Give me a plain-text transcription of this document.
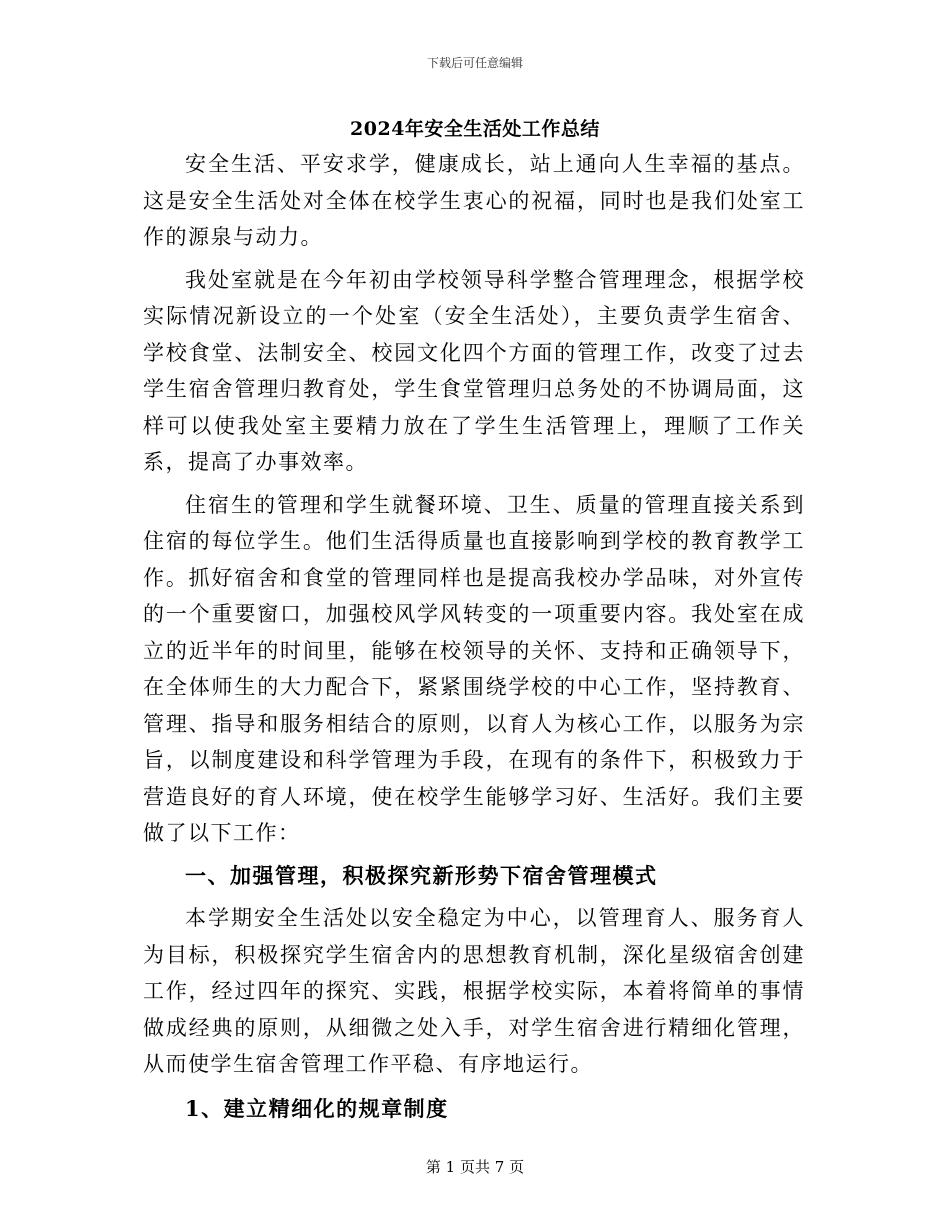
下载后可任意编辑
2024年安全生活处工作总结

安全生活、平安求学，健康成长，站上通向人生幸福的基点。这是安全生活处对全体在校学生衷心的祝福，同时也是我们处室工作的源泉与动力。

我处室就是在今年初由学校领导科学整合管理理念，根据学校实际情况新设立的一个处室（安全生活处），主要负责学生宿舍、学校食堂、法制安全、校园文化四个方面的管理工作，改变了过去学生宿舍管理归教育处，学生食堂管理归总务处的不协调局面，这样可以使我处室主要精力放在了学生生活管理上，理顺了工作关系，提高了办事效率。

住宿生的管理和学生就餐环境、卫生、质量的管理直接关系到住宿的每位学生。他们生活得质量也直接影响到学校的教育教学工作。抓好宿舍和食堂的管理同样也是提高我校办学品味，对外宣传的一个重要窗口，加强校风学风转变的一项重要内容。我处室在成立的近半年的时间里，能够在校领导的关怀、支持和正确领导下，在全体师生的大力配合下，紧紧围绕学校的中心工作，坚持教育、管理、指导和服务相结合的原则，以育人为核心工作，以服务为宗旨，以制度建设和科学管理为手段，在现有的条件下，积极致力于营造良好的育人环境，使在校学生能够学习好、生活好。我们主要做了以下工作：

一、加强管理，积极探究新形势下宿舍管理模式

本学期安全生活处以安全稳定为中心，以管理育人、服务育人为目标，积极探究学生宿舍内的思想教育机制，深化星级宿舍创建工作，经过四年的探究、实践，根据学校实际，本着将简单的事情做成经典的原则，从细微之处入手，对学生宿舍进行精细化管理，从而使学生宿舍管理工作平稳、有序地运行。

1、建立精细化的规章制度

第 1 页共 7 页
